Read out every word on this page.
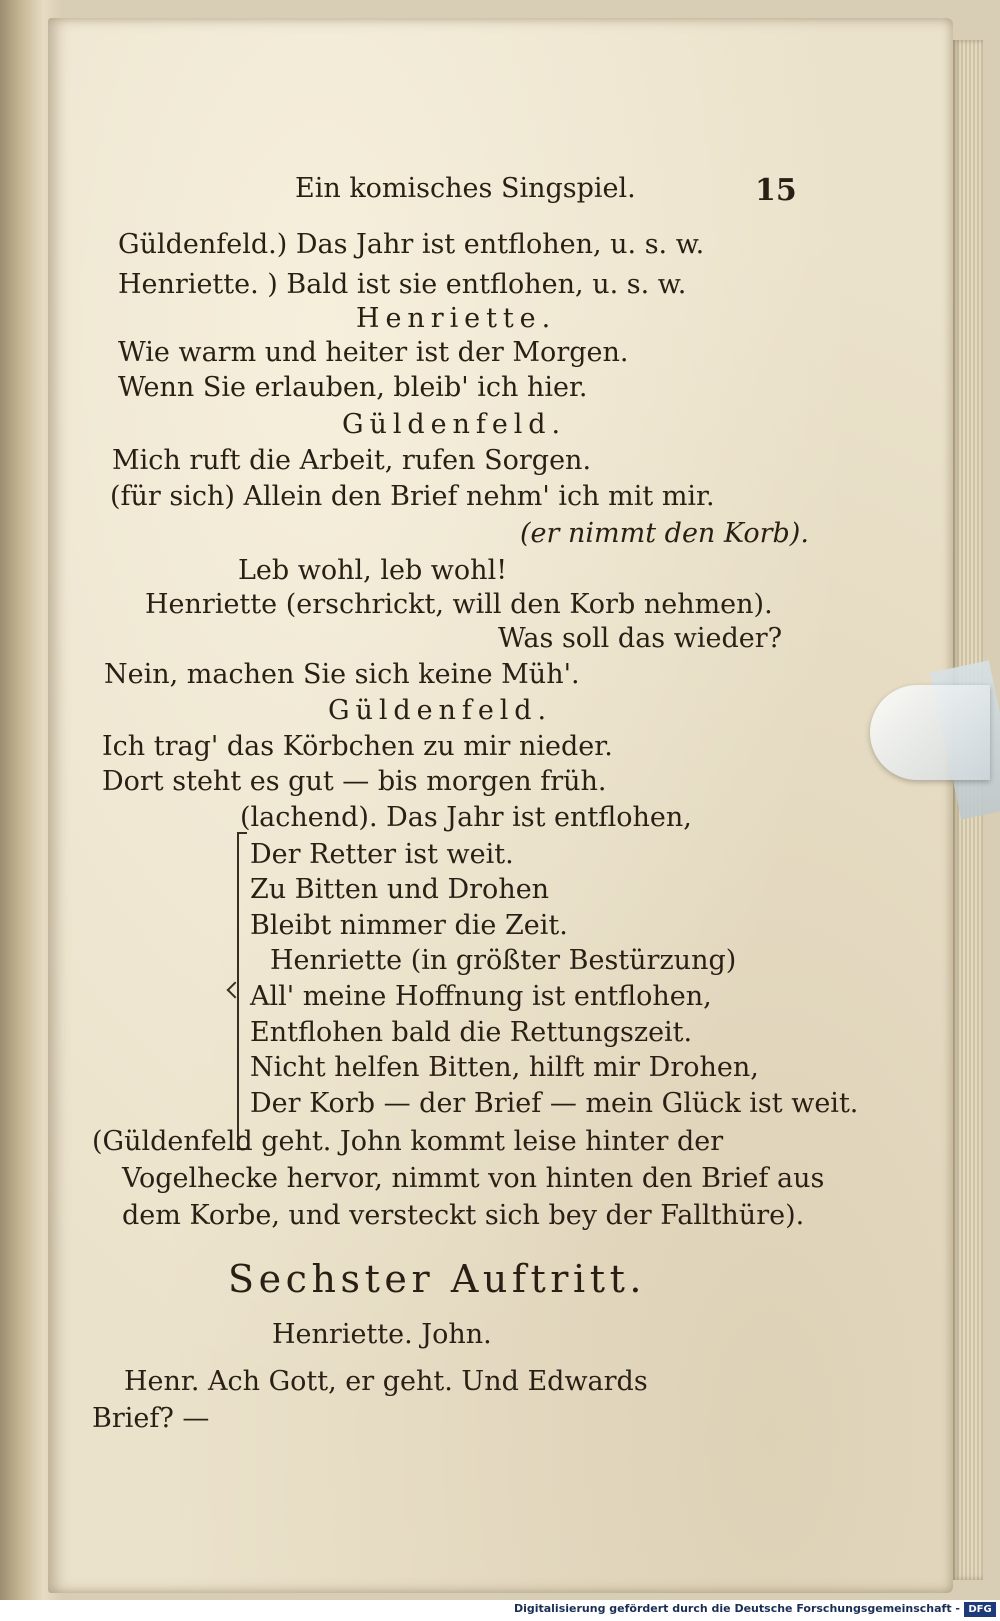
Ein komisches Singspiel.	15
Güldenfeld.) Das Jahr ist entflohen, u. s. w.
Henriette. ) Bald ist sie entflohen, u. s. w.
Henriette.
Wie warm und heiter ist der Morgen.
Wenn Sie erlauben, bleib' ich hier.
Güldenfeld.
Mich ruft die Arbeit, rufen Sorgen.
(für sich) Allein den Brief nehm' ich mit mir.
(er nimmt den Korb).
Leb wohl, leb wohl!
Henriette (erschrickt, will den Korb nehmen).
Was soll das wieder?
Nein, machen Sie sich keine Müh'.
Güldenfeld.
Ich trag' das Körbchen zu mir nieder.
Dort steht es gut — bis morgen früh.
(lachend). Das Jahr ist entflohen,
Der Retter ist weit.
Zu Bitten und Drohen
Bleibt nimmer die Zeit.
Henriette (in größter Bestürzung)
All' meine Hoffnung ist entflohen,
Entflohen bald die Rettungszeit.
Nicht helfen Bitten, hilft mir Drohen,
Der Korb — der Brief — mein Glück ist weit.
(Güldenfeld geht. John kommt leise hinter der
Vogelhecke hervor, nimmt von hinten den Brief aus
dem Korbe, und versteckt sich bey der Fallthüre).
Sechster Auftritt.
Henriette. John.
Henr. Ach Gott, er geht. Und Edwards
Brief? —
Digitalisierung gefördert durch die Deutsche Forschungsgemeinschaft - DFG
